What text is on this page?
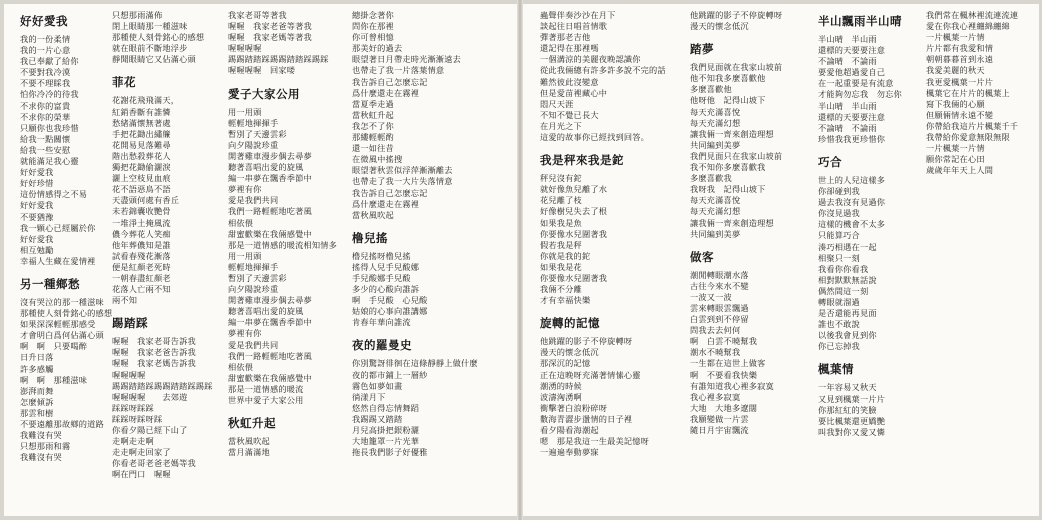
好好愛我
我的一份柔情
我的一片心意
我已奉獻了給你
不要對我冷漠
不要不理睬我
怕你冷冷的待我
不求你的富貴
不求你的榮華
只願你也我珍惜
給我一點關懷
給我一些安慰
就能滿足我心靈
好好愛我
好好珍惜
這份情感得之不易
好好愛我
不要猶豫
我一顆心已經屬於你
好好愛我
相互勉勵
幸福人生藏在愛情裡
另一種鄉愁
沒有哭泣的那一種滋味
那種使人刻骨銘心的感想
如果深深輕輕那感受
才會明白爲何佔滿心頭
啊　啊　只要喝醉
日升日落
許多感觸
啊　啊　那種滋味
澎湃而舞
怎麼傾訴
那雲和樹
不要遠離那故鄉的道路
我難沒有哭
只想那雨和霧
我難沒有哭
只想那雨滿佈
閉上眼睛那一種滋味
那種使人刻骨銘心的感想
就在眼前不斷地浮步
靜聞眼睛它又佔滿心頭
菲花
花謝花飛飛滿天，
紅銷香斷有誰憐
愁緒滿懷無著處
手把花鋤出繡簾
花開易見落難尋
階出愁殺葬花人
獨把花鋤偷灑淚
灑上空枝見血痕
花不語惡鳥不語
天盡頭何處有香丘
未若錦囊收艷骨
一堆淨土掩風流
儂今葬花人笑痴
他年葬儂知是誰
試看春殘花漸落
便是紅顏老死時
一朝春盡紅顏老
花落人亡兩不知
兩不知
踢踏踩
喔喔　我家老哥告訴我
喔喔　我家老爸告訴我
喔喔　我家老媽告訴我
喔喔喔喔
踢踢踏踏踩踢踢踏踏踩踢踩
喔喔喔喔　　去郊遊
踩踩呀踩踩
踩踩呀踩呀踩
你看夕陽已經下山了
走啊走走啊
走走啊走回家了
你看老哥老爸老媽等我
啊在門口　喔喔
我家老哥等著我
喔喔　我家老爸等著我
喔喔　我家老媽等著我
喔喔喔喔
踢踢踏踏踩踢踢踏踏踩踢踩
喔喔喔喔　回家喽
愛子大家公用
用一用頭
輕輕地揮揮手
暫別了天邊雲彩
向夕陽說珍重
開著雞車漫步偶去尋夢
聽著喜唱出愛的旋風
編一串夢在飄香季節中
夢裡有你
愛是我們共同
我們一路輕輕地吃著風
相依偎
甜蜜歡樂在我倆感覺中
那是一道情感的暖流相知情多
用一用頭
輕輕地揮揮手
暫別了天邊雲彩
向夕陽說珍重
開著雞車漫步偶去尋夢
聽著喜唱出愛的旋風
編一串夢在飄香季節中
夢裡有你
愛是我們共同
我們一路輕輕地吃著風
相依偎
甜蜜歡樂在我倆感覺中
那是一道情感的暖流
世界中愛子大家公用
秋虹升起
當秋風吹起
當月滿滿地
總掛念著你
問你在那裡
你可曾相憶
那美好的過去
眼望著日月帶走時光漸漸遠去
也帶走了我一片落葉情意
我告訴自己怎麼忘記
爲什麼還走在霧裡
當夏季走過
當秋虹升起
我怎不了你
那縷輕輕酌
還一如往昔
在微風中搖搜
眼望著秋雲似浮萍漸漸離去
也帶走了我一大片失落情意
我告訴自己怎麼忘記
爲什麼還走在霧裡
當秋風吹起
橹兒搖
橹兒搖呀橹兒搖
搖得人兒手兒酸娜
手兒酸娜手兒酸
多少的心酸向誰訴
啊　手兒酸　心兒酸
姑娘的心事向誰講娜
肯春年華向誰流
夜的羅曼史
你別驚訝徘徊在這條靜靜上做什麼
夜的都市鋪上一層紗
霧色如夢如畫
徜漾月下
悠然自得忘情舞蹈
我踢踢又踏踏
月兒高掛把銀粉灑
大地籠罩一片光華
拖長我們影子好優雅
蟲聲伴奏沙沙在月下
談起往日唱首情歌
彈著那老吉他
還記得在那裡嗎
一個溝涼的美麗夜晚認識你
從此我倆總有許多許多說不完的話
難然彼此沒變意
但是愛苗裡藏心中
悶尺天涯
不知不覺已長大
在月光之下
這愛的故事你已經找到回答。
我是秤來我是鉈
秤兒沒有鉈
就好像魚兒離了水
花兒離了枝
好像樹兒失去了根
如果我是魚
你要像水兒圍著我
假若我是秤
你就是我的鉈
如果我是花
你要像水兒圍著我
我倆不分離
才有幸福快樂
旋轉的記憶
他跳躍的影子不停旋轉呀
漫天的懷念低沉
那深沉的記憶
正在這晚呀充滿著情愫心靈
潮湧的時候
波濤洶湧啊
衝擊著白浪粉碎呀
數海青澀步盪情的日子裡
看夕陽看海潮起
嗯　那是我這一生最美記憶呀
一遍遍奉動夢寐
他跳躍的影子不停旋轉呀
漫天的懷念低沉
踏夢
我們見面就在我家山坡前
他不知我多麼喜歡他
多麼喜歡他
他呀他　記得山坡下
每天充滿喜悅
每天充滿幻想
讓我倆一齊來創造理想
共同編到美夢
我們見面只在我家山坡前
我不知你多麼喜歡我
多麼喜歡我
我呀我　記得山坡下
每天充滿喜悅
每天充滿幻想
讓我倆一齊來創造理想
共同編到美夢
做客
潮閒轉眼潮水落
古往今來水不變
一波又一波
雲來轉眼雲飄過
白雲到到不停留
問我去去何何
啊　白雲不曉幫我
潮水不曉幫我
一生都在這世上做客
啊　不要看我快樂
有誰知道我心裡多寂寞
我心裡多寂寞
大地　大地多遼闊
我願變做一片雲
隨日月宇宙飄流
半山飄雨半山晴
半山晴　半山雨
還標的天要要注意
不論晴　不論雨
要愛他超過愛自己
在一起重要是有流意
才能夠勿忘我　勿忘你
半山晴　半山雨
還標的天要要注意
不論晴　不論雨
珍惜我我更珍惜你
巧合
世上的人兒這樣多
你卻碰到我
過去我沒有見過你
你沒見過我
這樣的機會不太多
只能算巧合
湊巧相遇在一起
相聚只一刻
我看你你看我
相對默默無話說
偶然間這一刻
轉眼就溜過
是否還能再見面
誰也不敢說
以後我會見到你
你已忘掉我
楓葉情
一年容易又秋天
又見到楓葉一片片
你那紅紅的笑臉
要比楓葉還更嬌艷
叫我對你又愛又憐
我們常在楓林裡流連流連
愛在你我心裡纏綿纏綿
一片楓葉一片情
片片都有我愛和情
朝朝暮暮首到永遠
我愛美麗的秋天
我更愛楓葉一片片
楓葉它在片片的楓葉上
寫下我倆的心願
但願倆情永遠不變
你帶給我這片片楓葉千千
我帶給你愛意無限無限
一片楓葉一片情
願你常記在心田
歲歲年年天上人間
